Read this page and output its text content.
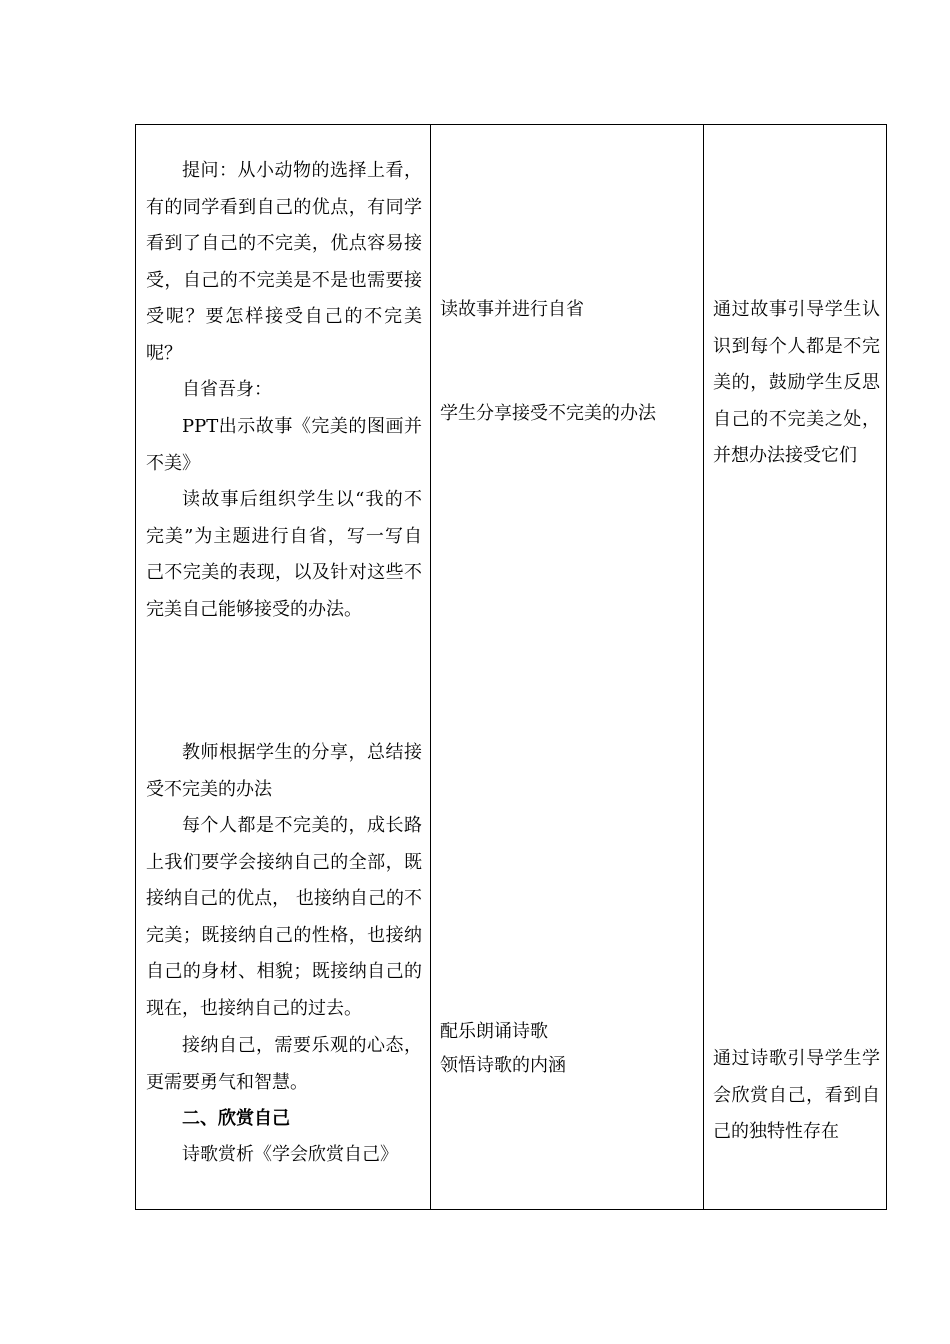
提问：从小动物的选择上看，有的同学看到自己的优点，有同学看到了自己的不完美，优点容易接受，自己的不完美是不是也需要接受呢？要怎样接受自己的不完美呢？

自省吾身：

PPT出示故事《完美的图画并不美》

读故事后组织学生以“我的不完美”为主题进行自省，写一写自己不完美的表现，以及针对这些不完美自己能够接受的办法。

教师根据学生的分享，总结接受不完美的办法

每个人都是不完美的，成长路上我们要学会接纳自己的全部，既接纳自己的优点， 也接纳自己的不完美；既接纳自己的性格，也接纳自己的身材、相貌；既接纳自己的现在，也接纳自己的过去。

接纳自己，需要乐观的心态，更需要勇气和智慧。

二、欣赏自己

诗歌赏析《学会欣赏自己》

读故事并进行自省

学生分享接受不完美的办法

配乐朗诵诗歌

领悟诗歌的内涵

通过故事引导学生认识到每个人都是不完美的，鼓励学生反思自己的不完美之处，并想办法接受它们

通过诗歌引导学生学会欣赏自己，看到自己的独特性存在
